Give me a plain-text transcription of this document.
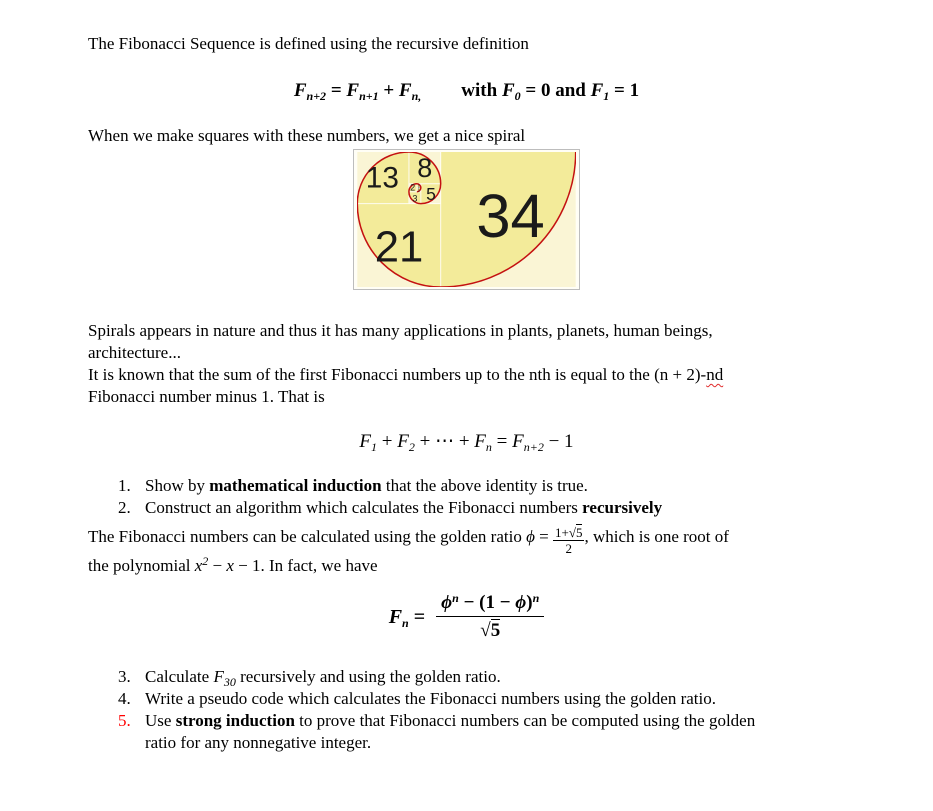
The Fibonacci Sequence is defined using the recursive definition

$F_{n+2} = F_{n+1} + F_{n,}$ with $F_0 = 0$ and $F_1 = 1$

When we make squares with these numbers, we get a nice spiral

13	8
5
3
2 1
1
21	34

Spirals appears in nature and thus it has many applications in plants, planets, human beings,
architecture...

It is known that the sum of the first Fibonacci numbers up to the nth is equal to the (n + 2)-nd
Fibonacci number minus 1. That is

$F_1 + F_2$ + ⋯ + $F_n = F_{n+2} - 1$
1. Show by mathematical induction that the above identity is true.
2. Construct an algorithm which calculates the Fibonacci numbers recursively

The Fibonacci numbers can be calculated using the golden ratio $\phi = \frac{1+√5}{2}$ , which is one root of
the polynomial $x^2 - x - 1$. In fact, we have

$F_n = \frac{\phi^n - (1 - \phi)^n}{√5}$
3. Calculate $F_{30}$ recursively and using the golden ratio.
4. Write a pseudo code which calculates the Fibonacci numbers using the golden ratio.
5. Use strong induction to prove that Fibonacci numbers can be computed using the golden
ratio for any nonnegative integer.
